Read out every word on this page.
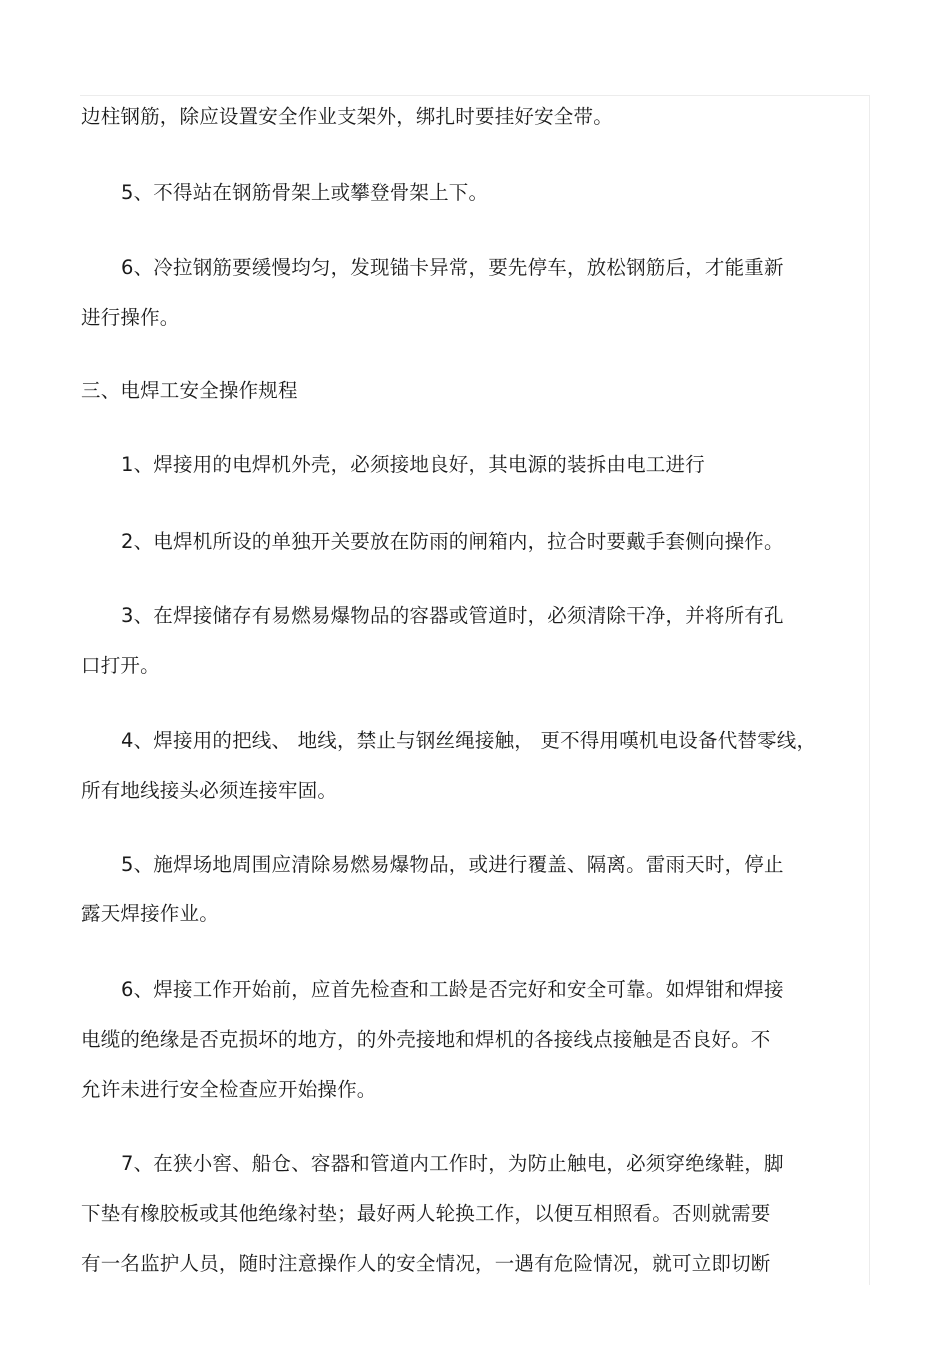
边柱钢筋，除应设置安全作业支架外，绑扎时要挂好安全带。
5、不得站在钢筋骨架上或攀登骨架上下。
6、冷拉钢筋要缓慢均匀，发现锚卡异常，要先停车，放松钢筋后，才能重新
进行操作。
三、电焊工安全操作规程
1、焊接用的电焊机外壳，必须接地良好，其电源的装拆由电工进行
2、电焊机所设的单独开关要放在防雨的闸箱内，拉合时要戴手套侧向操作。
3、在焊接储存有易燃易爆物品的容器或管道时，必须清除干净，并将所有孔
口打开。
4、焊接用的把线、 地线，禁止与钢丝绳接触， 更不得用嘆机电设备代替零线，
所有地线接头必须连接牢固。
5、施焊场地周围应清除易燃易爆物品，或进行覆盖、隔离。雷雨天时，停止
露天焊接作业。
6、焊接工作开始前，应首先检查和工龄是否完好和安全可靠。如焊钳和焊接
电缆的绝缘是否克损坏的地方，的外壳接地和焊机的各接线点接触是否良好。不
允许未进行安全检查应开始操作。
7、在狭小窖、船仓、容器和管道内工作时，为防止触电，必须穿绝缘鞋，脚
下垫有橡胶板或其他绝缘衬垫；最好两人轮换工作，以便互相照看。否则就需要
有一名监护人员，随时注意操作人的安全情况，一遇有危险情况，就可立即切断
